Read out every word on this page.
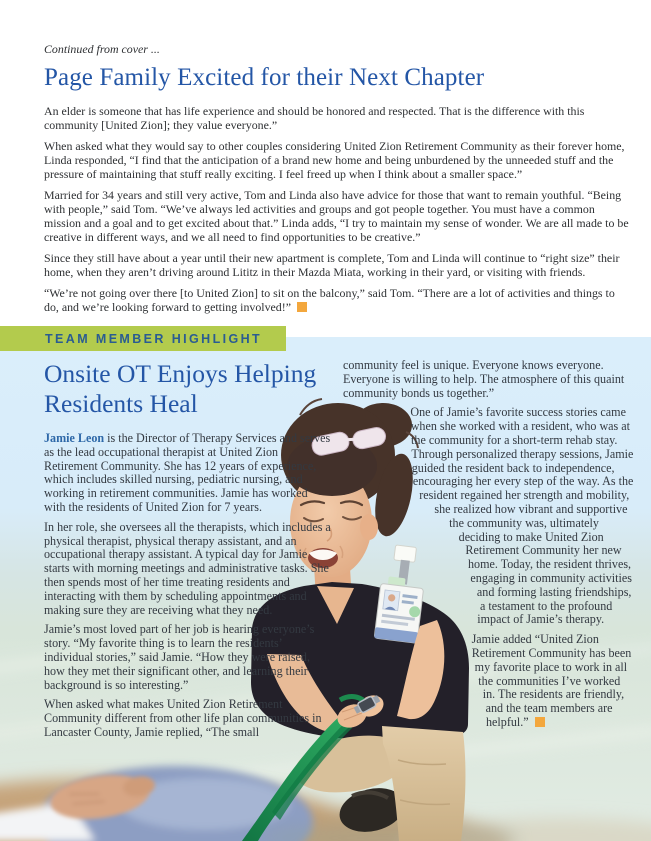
Continued from cover ...

Page Family Excited for their Next Chapter

An elder is someone that has life experience and should be honored and respected. That is the difference with this community [United Zion]; they value everyone.”

When asked what they would say to other couples considering United Zion Retirement Community as their forever home, Linda responded, “I find that the anticipation of a brand new home and being unburdened by the unneeded stuff and the pressure of maintaining that stuff really exciting. I feel freed up when I think about a smaller space.”

Married for 34 years and still very active, Tom and Linda also have advice for those that want to remain youthful. “Being with people,” said Tom. “We’ve always led activities and groups and got people together. You must have a common mission and a goal and to get excited about that.” Linda adds, “I try to maintain my sense of wonder. We are all made to be creative in different ways, and we all need to find opportunities to be creative.”

Since they still have about a year until their new apartment is complete, Tom and Linda will continue to “right size” their home, when they aren’t driving around Lititz in their Mazda Miata, working in their yard, or visiting with friends.

“We’re not going over there [to United Zion] to sit on the balcony,” said Tom. “There are a lot of activities and things to do, and we’re looking forward to getting involved!”

TEAM MEMBER HIGHLIGHT
Onsite OT Enjoys Helping
Residents Heal

Jamie Leon is the Director of Therapy Services and serves as the lead occupational therapist at United Zion Retirement Community. She has 12 years of experience, which includes skilled nursing, pediatric nursing, and working in retirement communities. Jamie has worked with the residents of United Zion for 7 years.

In her role, she oversees all the therapists, which includes a physical therapist, physical therapy assistant, and an occupational therapy assistant. A typical day for Jamie starts with morning meetings and administrative tasks. She then spends most of her time treating residents and interacting with them by scheduling appointments and making sure they are receiving what they need.

Jamie’s most loved part of her job is hearing everyone’s story. “My favorite thing is to learn the residents’ individual stories,” said Jamie. “How they were raised, how they met their significant other, and learning their background is so interesting.”

When asked what makes United Zion Retirement Community different from other life plan communities in Lancaster County, Jamie replied, “The small

community feel is unique. Everyone knows everyone. Everyone is willing to help. The atmosphere of this quaint community bonds us together.”

One of Jamie’s favorite success stories came when she worked with a resident, who was at the community for a short-term rehab stay. Through personalized therapy sessions, Jamie guided the resident back to independence, encouraging her every step of the way. As the resident regained her strength and mobility, she realized how vibrant and supportive the community was, ultimately deciding to make United Zion Retirement Community her new home. Today, the resident thrives, engaging in community activities and forming lasting friendships, a testament to the profound impact of Jamie’s therapy.

Jamie added “United Zion Retirement Community has been my favorite place to work in all the communities I’ve worked in. The residents are friendly, and the team members are helpful.”
